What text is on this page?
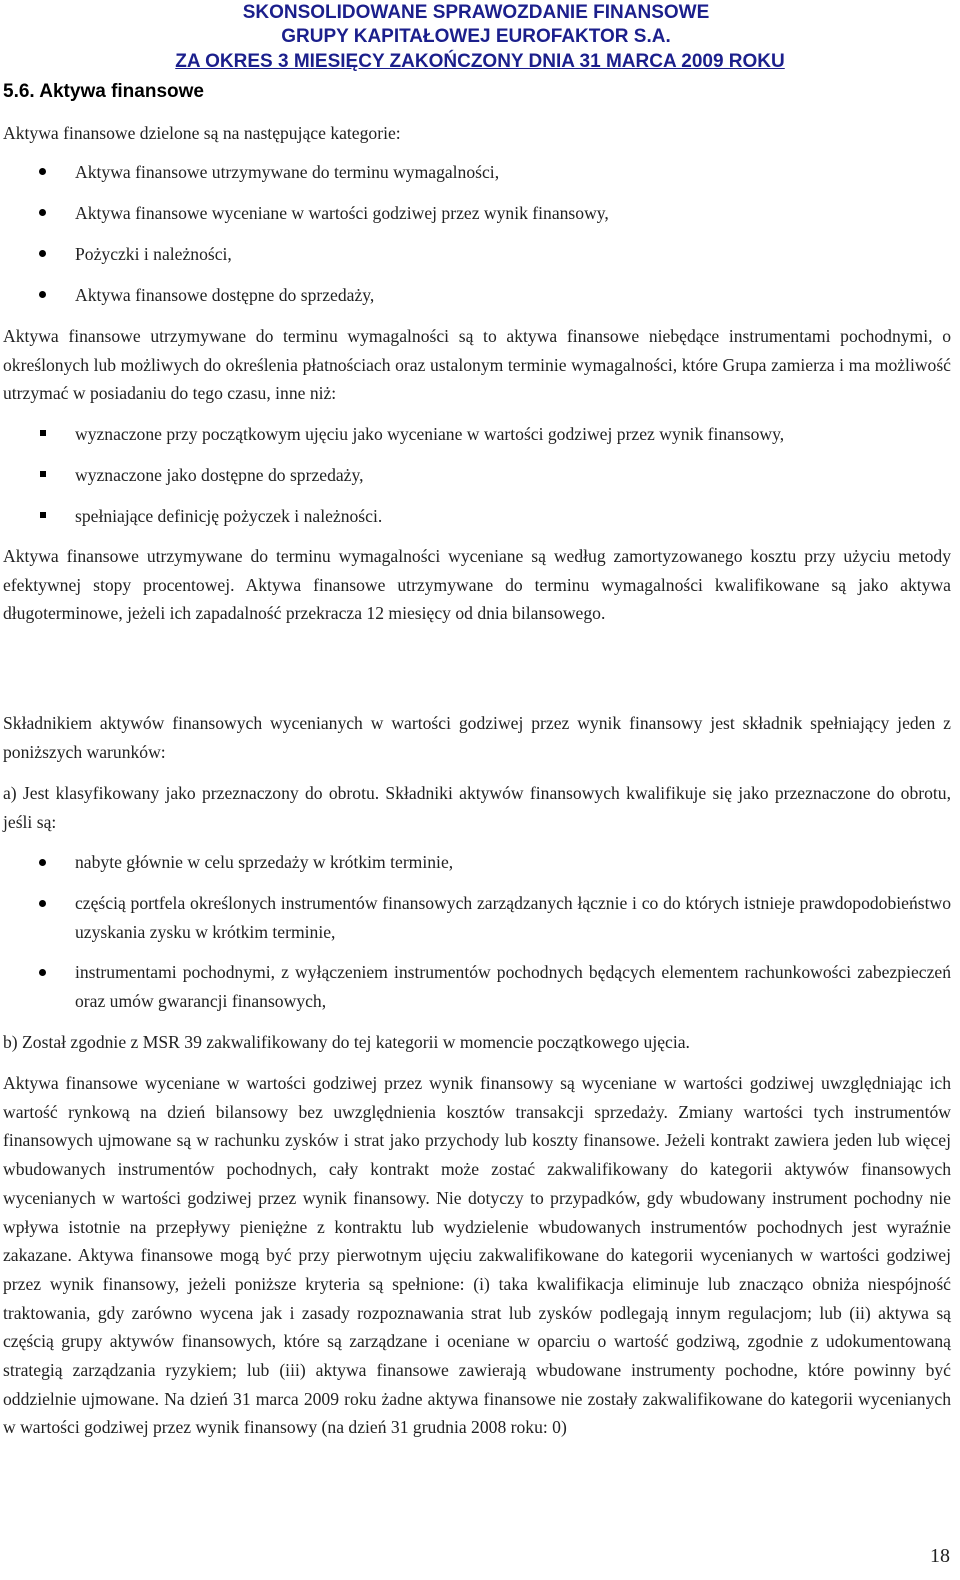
SKONSOLIDOWANE SPRAWOZDANIE FINANSOWE
GRUPY KAPITAŁOWEJ EUROFAKTOR S.A.
ZA OKRES 3 MIESIĘCY ZAKOŃCZONY DNIA 31 MARCA 2009 ROKU
5.6. Aktywa finansowe
Aktywa finansowe dzielone są na następujące kategorie:
Aktywa finansowe utrzymywane do terminu wymagalności,
Aktywa finansowe wyceniane w wartości godziwej przez wynik finansowy,
Pożyczki i należności,
Aktywa finansowe dostępne do sprzedaży,
Aktywa finansowe utrzymywane do terminu wymagalności są to aktywa finansowe niebędące instrumentami pochodnymi, o określonych lub możliwych do określenia płatnościach oraz ustalonym terminie wymagalności, które Grupa zamierza i ma możliwość utrzymać w posiadaniu do tego czasu, inne niż:
wyznaczone przy początkowym ujęciu jako wyceniane w wartości godziwej przez wynik finansowy,
wyznaczone jako dostępne do sprzedaży,
spełniające definicję pożyczek i należności.
Aktywa finansowe utrzymywane do terminu wymagalności wyceniane są według zamortyzowanego kosztu przy użyciu metody efektywnej stopy procentowej. Aktywa finansowe utrzymywane do terminu wymagalności kwalifikowane są jako aktywa długoterminowe, jeżeli ich zapadalność przekracza 12 miesięcy od dnia bilansowego.
Składnikiem aktywów finansowych wycenianych w wartości godziwej przez wynik finansowy jest składnik spełniający jeden z poniższych warunków:
a) Jest klasyfikowany jako przeznaczony do obrotu. Składniki aktywów finansowych kwalifikuje się jako przeznaczone do obrotu, jeśli są:
nabyte głównie w celu sprzedaży w krótkim terminie,
częścią portfela określonych instrumentów finansowych zarządzanych łącznie i co do których istnieje prawdopodobieństwo uzyskania zysku w krótkim terminie,
instrumentami pochodnymi, z wyłączeniem instrumentów pochodnych będących elementem rachunkowości zabezpieczeń oraz umów gwarancji finansowych,
b) Został zgodnie z MSR 39 zakwalifikowany do tej kategorii w momencie początkowego ujęcia.
Aktywa finansowe wyceniane w wartości godziwej przez wynik finansowy są wyceniane w wartości godziwej uwzględniając ich wartość rynkową na dzień bilansowy bez uwzględnienia kosztów transakcji sprzedaży. Zmiany wartości tych instrumentów finansowych ujmowane są w rachunku zysków i strat jako przychody lub koszty finansowe. Jeżeli kontrakt zawiera jeden lub więcej wbudowanych instrumentów pochodnych, cały kontrakt może zostać zakwalifikowany do kategorii aktywów finansowych wycenianych w wartości godziwej przez wynik finansowy. Nie dotyczy to przypadków, gdy wbudowany instrument pochodny nie wpływa istotnie na przepływy pieniężne z kontraktu lub wydzielenie wbudowanych instrumentów pochodnych jest wyraźnie zakazane. Aktywa finansowe mogą być przy pierwotnym ujęciu zakwalifikowane do kategorii wycenianych w wartości godziwej przez wynik finansowy, jeżeli poniższe kryteria są spełnione: (i) taka kwalifikacja eliminuje lub znacząco obniża niespójność traktowania, gdy zarówno wycena jak i zasady rozpoznawania strat lub zysków podlegają innym regulacjom; lub (ii) aktywa są częścią grupy aktywów finansowych, które są zarządzane i oceniane w oparciu o wartość godziwą, zgodnie z udokumentowaną strategią zarządzania ryzykiem; lub (iii) aktywa finansowe zawierają wbudowane instrumenty pochodne, które powinny być oddzielnie ujmowane. Na dzień 31 marca 2009 roku żadne aktywa finansowe nie zostały zakwalifikowane do kategorii wycenianych w wartości godziwej przez wynik finansowy (na dzień 31 grudnia 2008 roku: 0)
18
